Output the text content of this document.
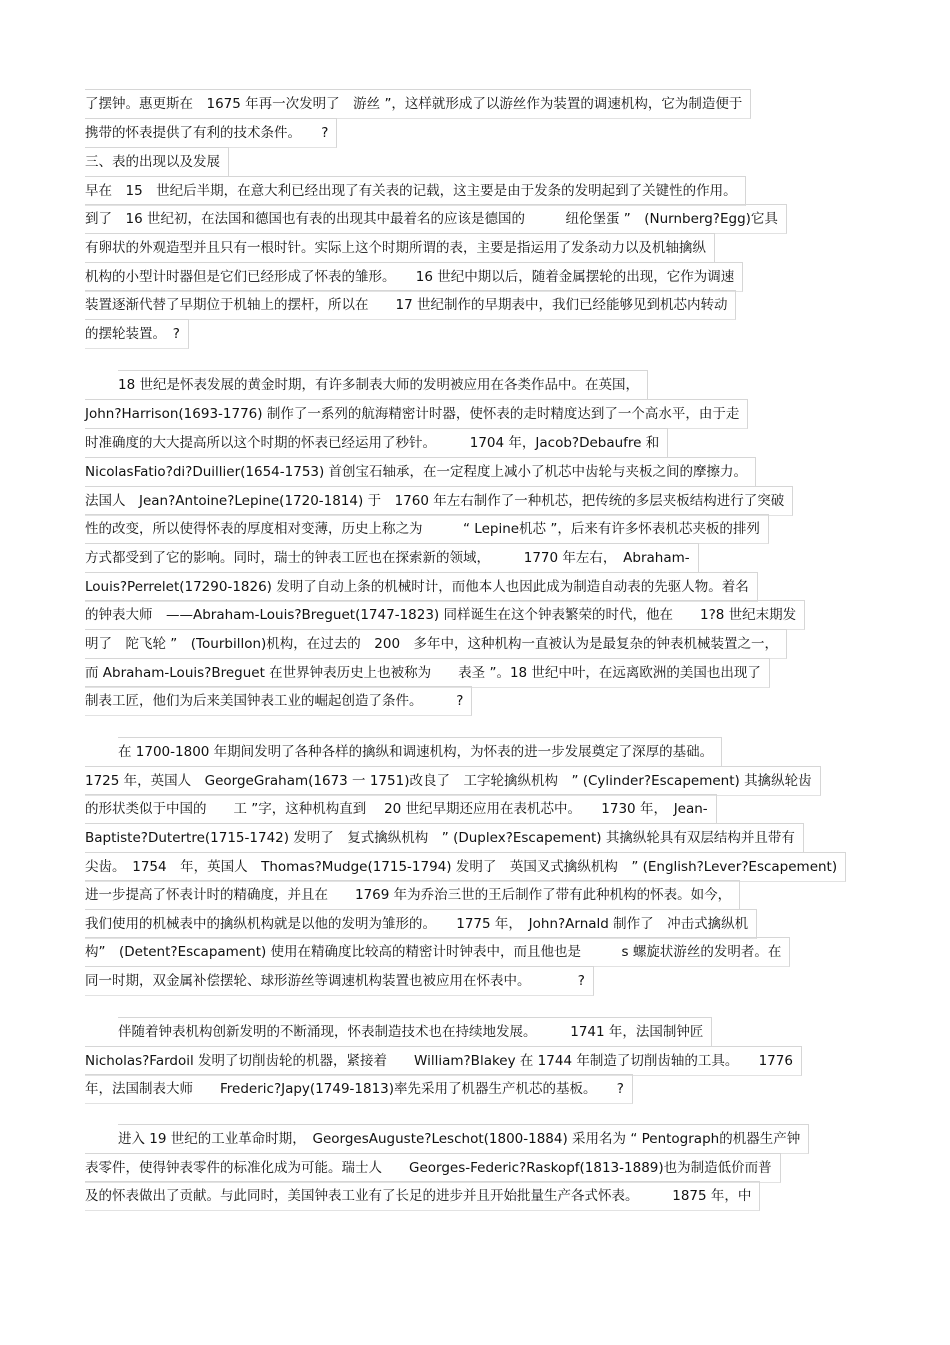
了摆钟。惠更斯在　1675 年再一次发明了　游丝 ”，这样就形成了以游丝作为装置的调速机构，它为制造便于
携带的怀表提供了有利的技术条件。　　?
三、表的出现以及发展
早在　15　世纪后半期，在意大利已经出现了有关表的记载，这主要是由于发条的发明起到了关键性的作用。
到了　16 世纪初，在法国和德国也有表的出现其中最着名的应该是德国的　　　纽伦堡蛋 ”　(Nurnberg?Egg)它具
有卵状的外观造型并且只有一根时针。实际上这个时期所谓的表，主要是指运用了发条动力以及机轴擒纵
机构的小型计时器但是它们已经形成了怀表的雏形。　　16 世纪中期以后，随着金属摆轮的出现，它作为调速
装置逐渐代替了早期位于机轴上的摆杆，所以在　　17 世纪制作的早期表中，我们已经能够见到机芯内转动
的摆轮装置。　?
18 世纪是怀表发展的黄金时期，有许多制表大师的发明被应用在各类作品中。在英国，
John?Harrison(1693-1776) 制作了一系列的航海精密计时器，使怀表的走时精度达到了一个高水平，由于走
时准确度的大大提高所以这个时期的怀表已经运用了秒针。　　　1704 年，Jacob?Debaufre 和
NicolasFatio?di?Duillier(1654-1753) 首创宝石轴承，在一定程度上减小了机芯中齿轮与夹板之间的摩擦力。
法国人　Jean?Antoine?Lepine(1720-1814) 于　1760 年左右制作了一种机芯，把传统的多层夹板结构进行了突破
性的改变，所以使得怀表的厚度相对变薄，历史上称之为　　　“ Lepine机芯 ”，后来有许多怀表机芯夹板的排列
方式都受到了它的影响。同时，瑞士的钟表工匠也在探索新的领域，　　　1770 年左右，　Abraham-
Louis?Perrelet(17290-1826) 发明了自动上条的机械时计，而他本人也因此成为制造自动表的先驱人物。着名
的钟表大师　——Abraham-Louis?Breguet(1747-1823) 同样诞生在这个钟表繁荣的时代，他在　　1?8 世纪末期发
明了　陀飞轮 ”　(Tourbillon)机构，在过去的　200　多年中，这种机构一直被认为是最复杂的钟表机械装置之一，
而 Abraham-Louis?Breguet 在世界钟表历史上也被称为　　表圣 ”。18 世纪中叶，在远离欧洲的美国也出现了
制表工匠，他们为后来美国钟表工业的崛起创造了条件。　　　?
在 1700-1800 年期间发明了各种各样的擒纵和调速机构，为怀表的进一步发展奠定了深厚的基础。
1725 年，英国人　GeorgeGraham(1673 一 1751)改良了　工字轮擒纵机构　” (Cylinder?Escapement) 其擒纵轮齿
的形状类似于中国的　　工 ”字，这种机构直到　 20 世纪早期还应用在表机芯中。　　1730 年，　Jean-
Baptiste?Dutertre(1715-1742) 发明了　复式擒纵机构　” (Duplex?Escapement) 其擒纵轮具有双层结构并且带有
尖齿。　1754　年，英国人　Thomas?Mudge(1715-1794) 发明了　英国叉式擒纵机构　” (English?Lever?Escapement)
进一步提高了怀表计时的精确度，并且在　　1769 年为乔治三世的王后制作了带有此种机构的怀表。如今，
我们使用的机械表中的擒纵机构就是以他的发明为雏形的。　　1775 年，　John?Arnald 制作了　冲击式擒纵机
构”　(Detent?Escapament) 使用在精确度比较高的精密计时钟表中，而且他也是　　　s 螺旋状游丝的发明者。在
同一时期，双金属补偿摆轮、球形游丝等调速机构装置也被应用在怀表中。　　　　?
伴随着钟表机构创新发明的不断涌现，怀表制造技术也在持续地发展。　　　1741 年，法国制钟匠
Nicholas?Fardoil 发明了切削齿轮的机器，紧接着　　William?Blakey 在 1744 年制造了切削齿轴的工具。　　1776
年，法国制表大师　　Frederic?Japy(1749-1813)率先采用了机器生产机芯的基板。　　?
进入 19 世纪的工业革命时期，　GeorgesAuguste?Leschot(1800-1884) 采用名为 “ Pentograph的机器生产钟
表零件，使得钟表零件的标准化成为可能。瑞士人　　Georges-Federic?Raskopf(1813-1889)也为制造低价而普
及的怀表做出了贡献。与此同时，美国钟表工业有了长足的进步并且开始批量生产各式怀表。　　　1875 年，中
